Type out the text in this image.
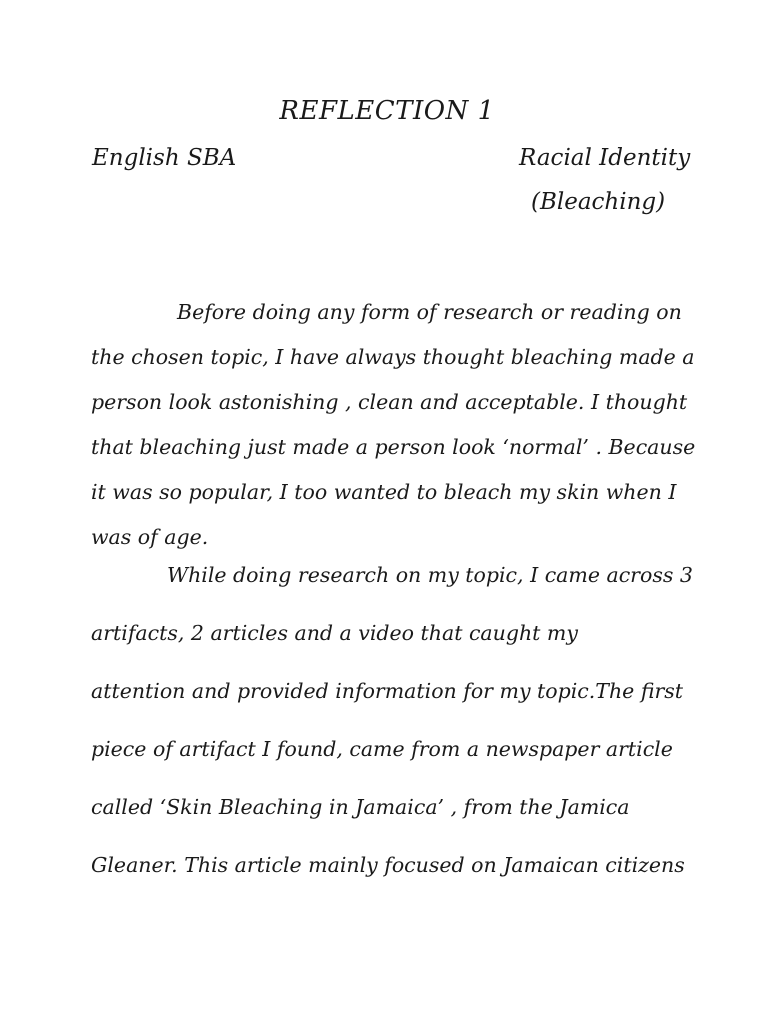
REFLECTION 1
English SBA	Racial Identity
(Bleaching)

Before doing any form of research or reading on
the chosen topic, I have always thought bleaching made a
person look astonishing , clean and acceptable. I thought
that bleaching just made a person look ‘normal’ . Because
it was so popular, I too wanted to bleach my skin when I
was of age.

While doing research on my topic, I came across 3
artifacts, 2 articles and a video that caught my
attention and provided information for my topic.The first
piece of artifact I found, came from a newspaper article
called ‘Skin Bleaching in Jamaica’ , from the Jamica
Gleaner. This article mainly focused on Jamaican citizens
